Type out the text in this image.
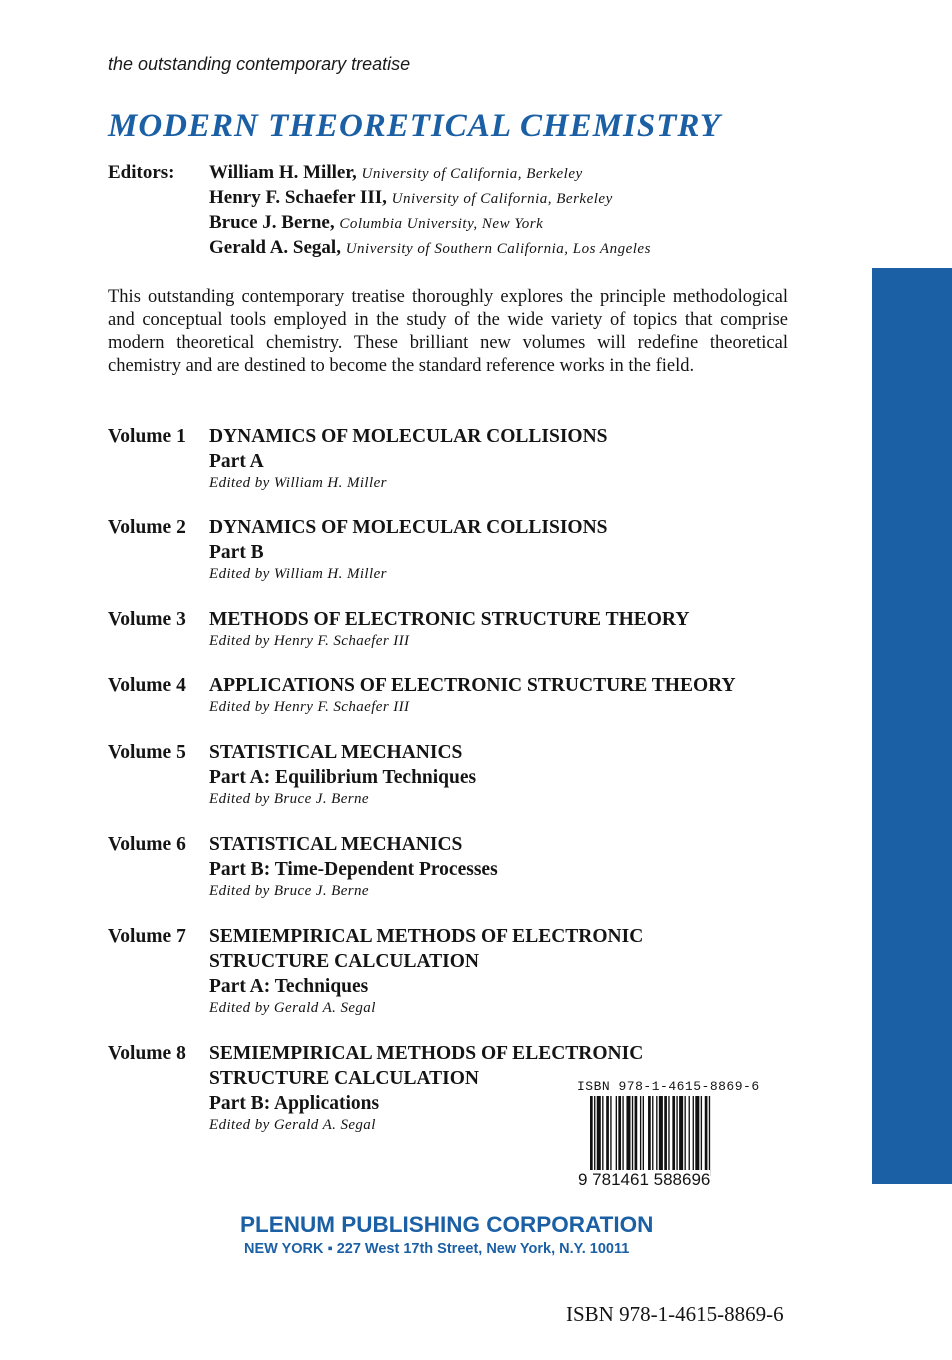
the outstanding contemporary treatise
MODERN THEORETICAL CHEMISTRY
Editors: William H. Miller, University of California, Berkeley
Henry F. Schaefer III, University of California, Berkeley
Bruce J. Berne, Columbia University, New York
Gerald A. Segal, University of Southern California, Los Angeles
This outstanding contemporary treatise thoroughly explores the principle methodological and conceptual tools employed in the study of the wide variety of topics that comprise modern theoretical chemistry. These brilliant new volumes will redefine theoretical chemistry and are destined to become the standard reference works in the field.
Volume 1 DYNAMICS OF MOLECULAR COLLISIONS
Part A
Edited by William H. Miller
Volume 2 DYNAMICS OF MOLECULAR COLLISIONS
Part B
Edited by William H. Miller
Volume 3 METHODS OF ELECTRONIC STRUCTURE THEORY
Edited by Henry F. Schaefer III
Volume 4 APPLICATIONS OF ELECTRONIC STRUCTURE THEORY
Edited by Henry F. Schaefer III
Volume 5 STATISTICAL MECHANICS
Part A: Equilibrium Techniques
Edited by Bruce J. Berne
Volume 6 STATISTICAL MECHANICS
Part B: Time-Dependent Processes
Edited by Bruce J. Berne
Volume 7 SEMIEMPIRICAL METHODS OF ELECTRONIC
STRUCTURE CALCULATION
Part A: Techniques
Edited by Gerald A. Segal
Volume 8 SEMIEMPIRICAL METHODS OF ELECTRONIC
STRUCTURE CALCULATION
Part B: Applications
Edited by Gerald A. Segal
ISBN 978-1-4615-8869-6
9 781461 588696
PLENUM PUBLISHING CORPORATION
NEW YORK ▪ 227 West 17th Street, New York, N.Y. 10011
ISBN 978-1-4615-8869-6
